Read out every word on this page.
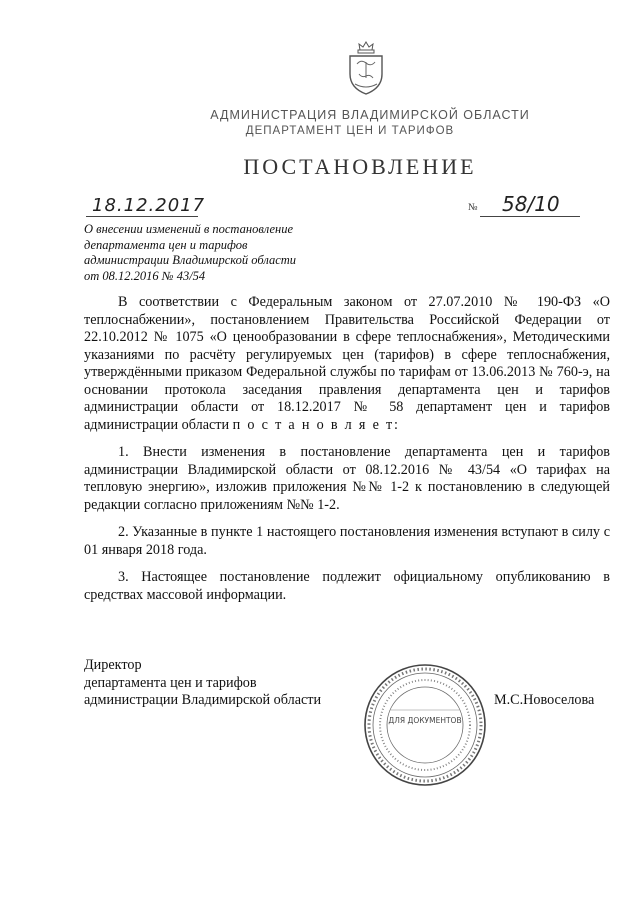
АДМИНИСТРАЦИЯ ВЛАДИМИРСКОЙ ОБЛАСТИ
ДЕПАРТАМЕНТ ЦЕН И ТАРИФОВ
ПОСТАНОВЛЕНИЕ
18.12.2017	№ 58/10
О внесении изменений в постановление
департамента цен и тарифов
администрации Владимирской области
от 08.12.2016 № 43/54

В соответствии с Федеральным законом от 27.07.2010 № 190-ФЗ «О теплоснабжении», постановлением Правительства Российской Федерации от 22.10.2012 № 1075 «О ценообразовании в сфере теплоснабжения», Методическими указаниями по расчёту регулируемых цен (тарифов) в сфере теплоснабжения, утверждёнными приказом Федеральной службы по тарифам от 13.06.2013 № 760-э, на основании протокола заседания правления департамента цен и тарифов администрации области от 18.12.2017 № 58 департамент цен и тарифов администрации области п о с т а н о в л я е т:

1. Внести изменения в постановление департамента цен и тарифов администрации Владимирской области от 08.12.2016 № 43/54 «О тарифах на тепловую энергию», изложив приложения №№ 1-2 к постановлению в следующей редакции согласно приложениям №№ 1-2.

2. Указанные в пункте 1 настоящего постановления изменения вступают в силу с 01 января 2018 года.

3. Настоящее постановление подлежит официальному опубликованию в средствах массовой информации.

Директор
департамента цен и тарифов
администрации Владимирской области
ДЛЯ ДОКУМЕНТОВ
М.С.Новоселова
